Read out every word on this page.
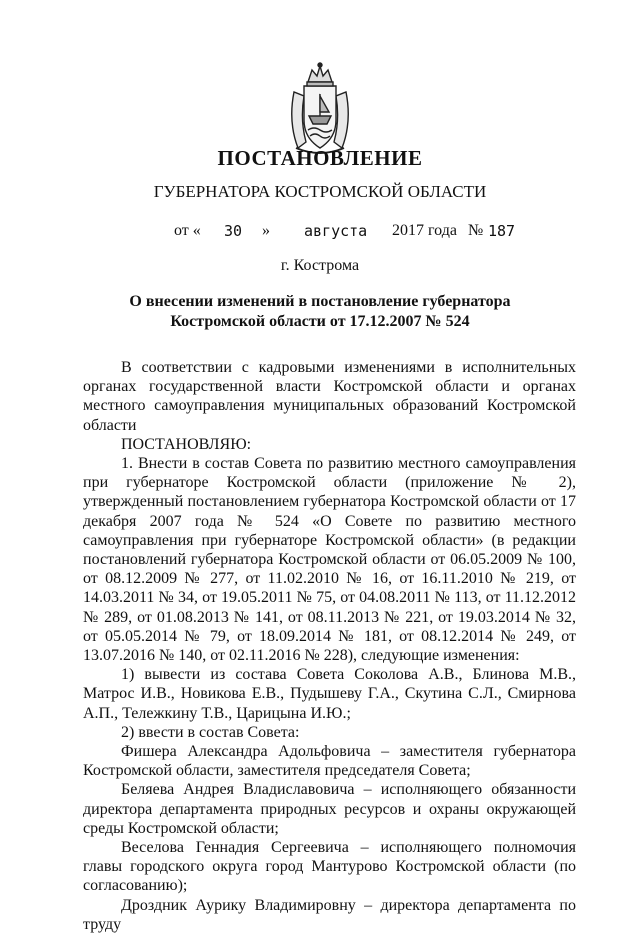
ПОСТАНОВЛЕНИЕ
ГУБЕРНАТОРА КОСТРОМСКОЙ ОБЛАСТИ
от « 30 » августа 2017 года № 187
г. Кострома
О внесении изменений в постановление губернатора
Костромской области от 17.12.2007 № 524

В соответствии с кадровыми изменениями в исполнительных органах государственной власти Костромской области и органах местного самоуправления муниципальных образований Костромской области

ПОСТАНОВЛЯЮ:

1. Внести в состав Совета по развитию местного самоуправления при губернаторе Костромской области (приложение № 2), утвержденный постановлением губернатора Костромской области от 17 декабря 2007 года № 524 «О Совете по развитию местного самоуправления при губернаторе Костромской области» (в редакции постановлений губернатора Костромской области от 06.05.2009 № 100, от 08.12.2009 № 277, от 11.02.2010 № 16, от 16.11.2010 № 219, от 14.03.2011 № 34, от 19.05.2011 № 75, от 04.08.2011 № 113, от 11.12.2012 № 289, от 01.08.2013 № 141, от 08.11.2013 № 221, от 19.03.2014 № 32, от 05.05.2014 № 79, от 18.09.2014 № 181, от 08.12.2014 № 249, от 13.07.2016 № 140, от 02.11.2016 № 228), следующие изменения:

1) вывести из состава Совета Соколова А.В., Блинова М.В., Матрос И.В., Новикова Е.В., Пудышеву Г.А., Скутина С.Л., Смирнова А.П., Тележкину Т.В., Царицына И.Ю.;

2) ввести в состав Совета:

Фишера Александра Адольфовича – заместителя губернатора Костромской области, заместителя председателя Совета;

Беляева Андрея Владиславовича – исполняющего обязанности директора департамента природных ресурсов и охраны окружающей среды Костромской области;

Веселова Геннадия Сергеевича – исполняющего полномочия главы городского округа город Мантурово Костромской области (по согласованию);

Дроздник Аурику Владимировну – директора департамента по труду
